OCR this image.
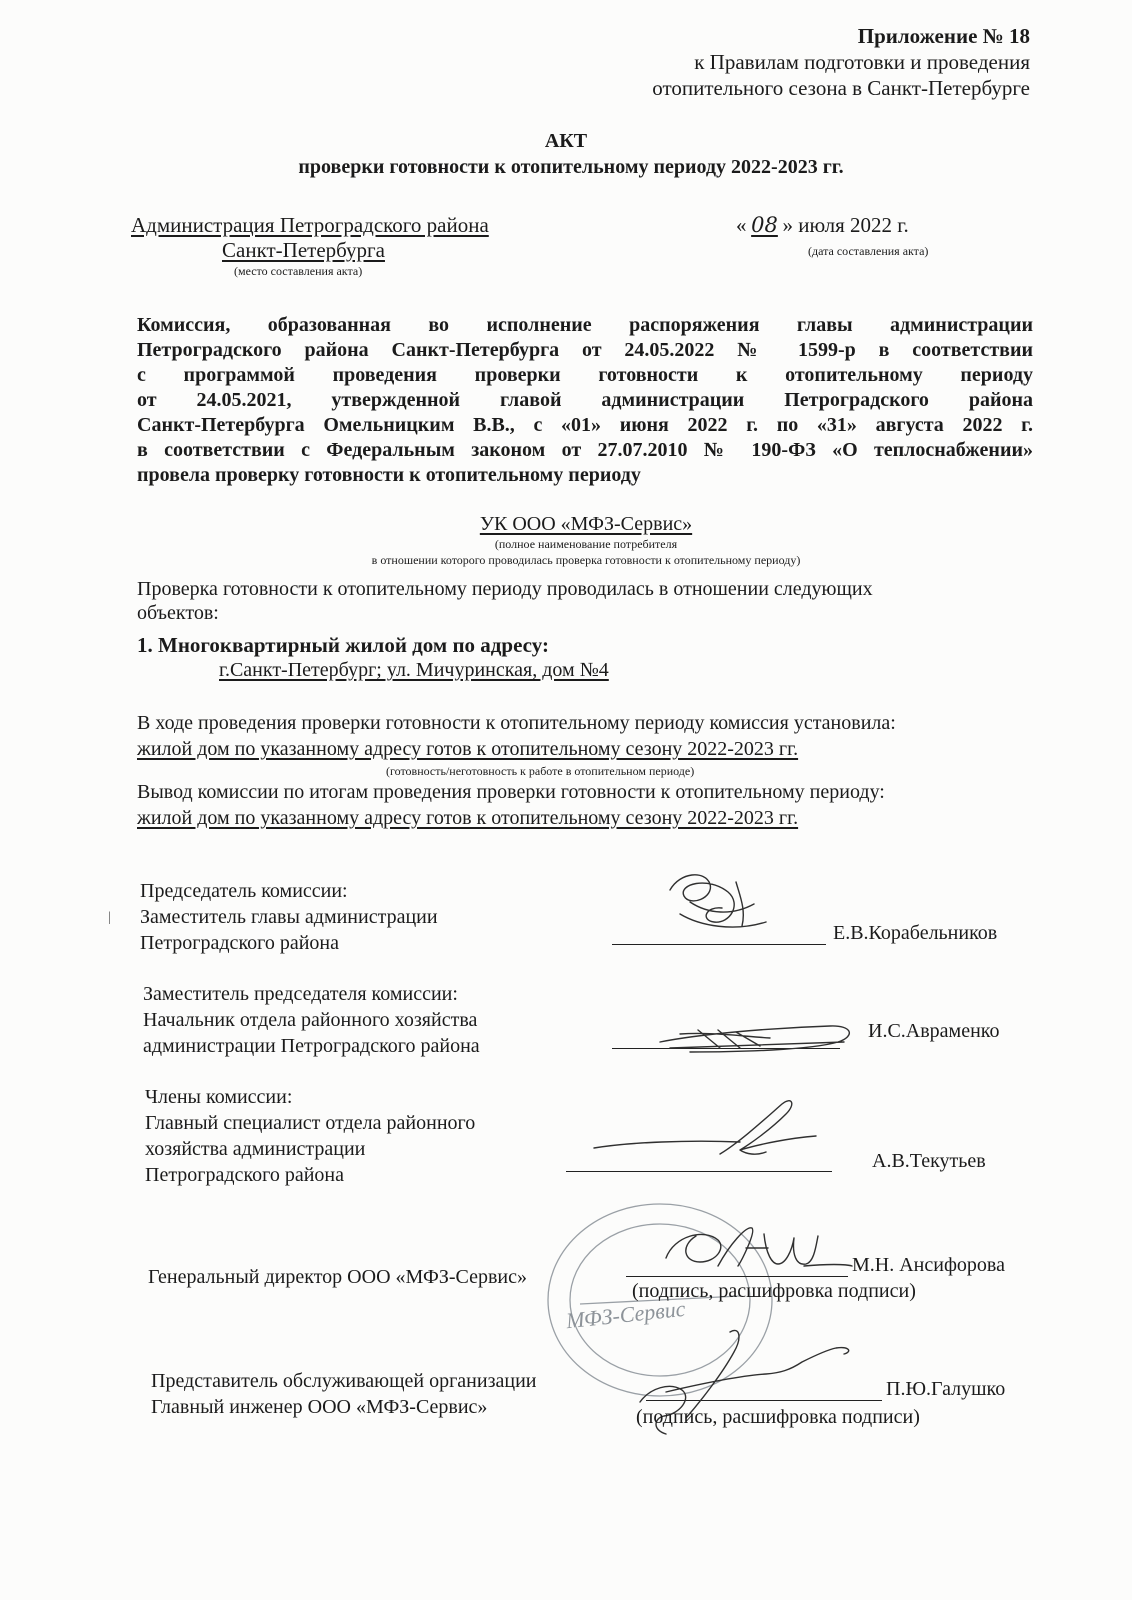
Приложение № 18
к Правилам подготовки и проведения
отопительного сезона в Санкт-Петербурге
АКТ
проверки готовности к отопительному периоду 2022-2023 гг.
Администрация Петроградского района
Санкт-Петербурга
(место составления акта)
« 08 » июля 2022 г.
(дата составления акта)
Комиссия, образованная во исполнение распоряжения главы администрации
Петроградского района Санкт-Петербурга от 24.05.2022 № 1599-р в соответствии
с программой проведения проверки готовности к отопительному периоду
от 24.05.2021, утвержденной главой администрации Петроградского района
Санкт-Петербурга Омельницким В.В., с «01» июня 2022 г. по «31» августа 2022 г.
в соответствии с Федеральным законом от 27.07.2010 № 190-ФЗ «О теплоснабжении»
провела проверку готовности к отопительному периоду
УК ООО «МФЗ-Сервис»
(полное наименование потребителя
в отношении которого проводилась проверка готовности к отопительному периоду)
Проверка готовности к отопительному периоду проводилась в отношении следующих
объектов:
1. Многоквартирный жилой дом по адресу:
г.Санкт-Петербург; ул. Мичуринская, дом №4
В ходе проведения проверки готовности к отопительному периоду комиссия установила:
жилой дом по указанному адресу готов к отопительному сезону 2022-2023 гг.
(готовность/неготовность к работе в отопительном периоде)
Вывод комиссии по итогам проведения проверки готовности к отопительному периоду:
жилой дом по указанному адресу готов к отопительному сезону 2022-2023 гг.
Председатель комиссии:
Заместитель главы администрации
Петроградского района
|
Е.В.Корабельников
Заместитель председателя комиссии:
Начальник отдела районного хозяйства
администрации Петроградского района
И.С.Авраменко
Члены комиссии:
Главный специалист отдела районного
хозяйства администрации
Петроградского района
А.В.Текутьев
МФЗ-Сервис
Генеральный директор ООО «МФЗ-Сервис»
М.Н. Ансифорова
(подпись, расшифровка подписи)
Представитель обслуживающей организации
Главный инженер ООО «МФЗ-Сервис»
П.Ю.Галушко
(подпись, расшифровка подписи)
